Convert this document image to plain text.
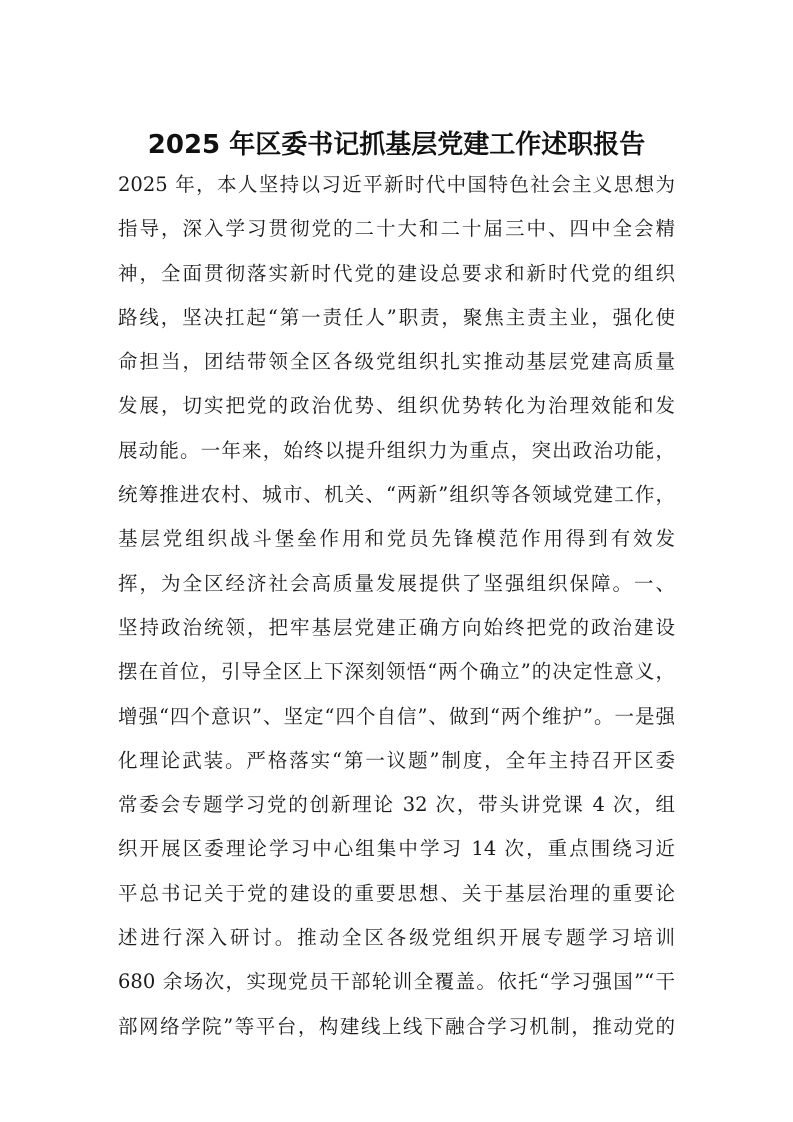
2025 年区委书记抓基层党建工作述职报告
2025 年，本人坚持以习近平新时代中国特色社会主义思想为
指导，深入学习贯彻党的二十大和二十届三中、四中全会精
神，全面贯彻落实新时代党的建设总要求和新时代党的组织
路线，坚决扛起“第一责任人”职责，聚焦主责主业，强化使
命担当，团结带领全区各级党组织扎实推动基层党建高质量
发展，切实把党的政治优势、组织优势转化为治理效能和发
展动能。一年来，始终以提升组织力为重点，突出政治功能，
统筹推进农村、城市、机关、“两新”组织等各领域党建工作，
基层党组织战斗堡垒作用和党员先锋模范作用得到有效发
挥，为全区经济社会高质量发展提供了坚强组织保障。一、
坚持政治统领，把牢基层党建正确方向始终把党的政治建设
摆在首位，引导全区上下深刻领悟“两个确立”的决定性意义，
增强“四个意识”、坚定“四个自信”、做到“两个维护”。一是强
化理论武装。严格落实“第一议题”制度，全年主持召开区委
常委会专题学习党的创新理论 32 次，带头讲党课 4 次，组
织开展区委理论学习中心组集中学习 14 次，重点围绕习近
平总书记关于党的建设的重要思想、关于基层治理的重要论
述进行深入研讨。推动全区各级党组织开展专题学习培训
680 余场次，实现党员干部轮训全覆盖。依托“学习强国”“干
部网络学院”等平台，构建线上线下融合学习机制，推动党的
